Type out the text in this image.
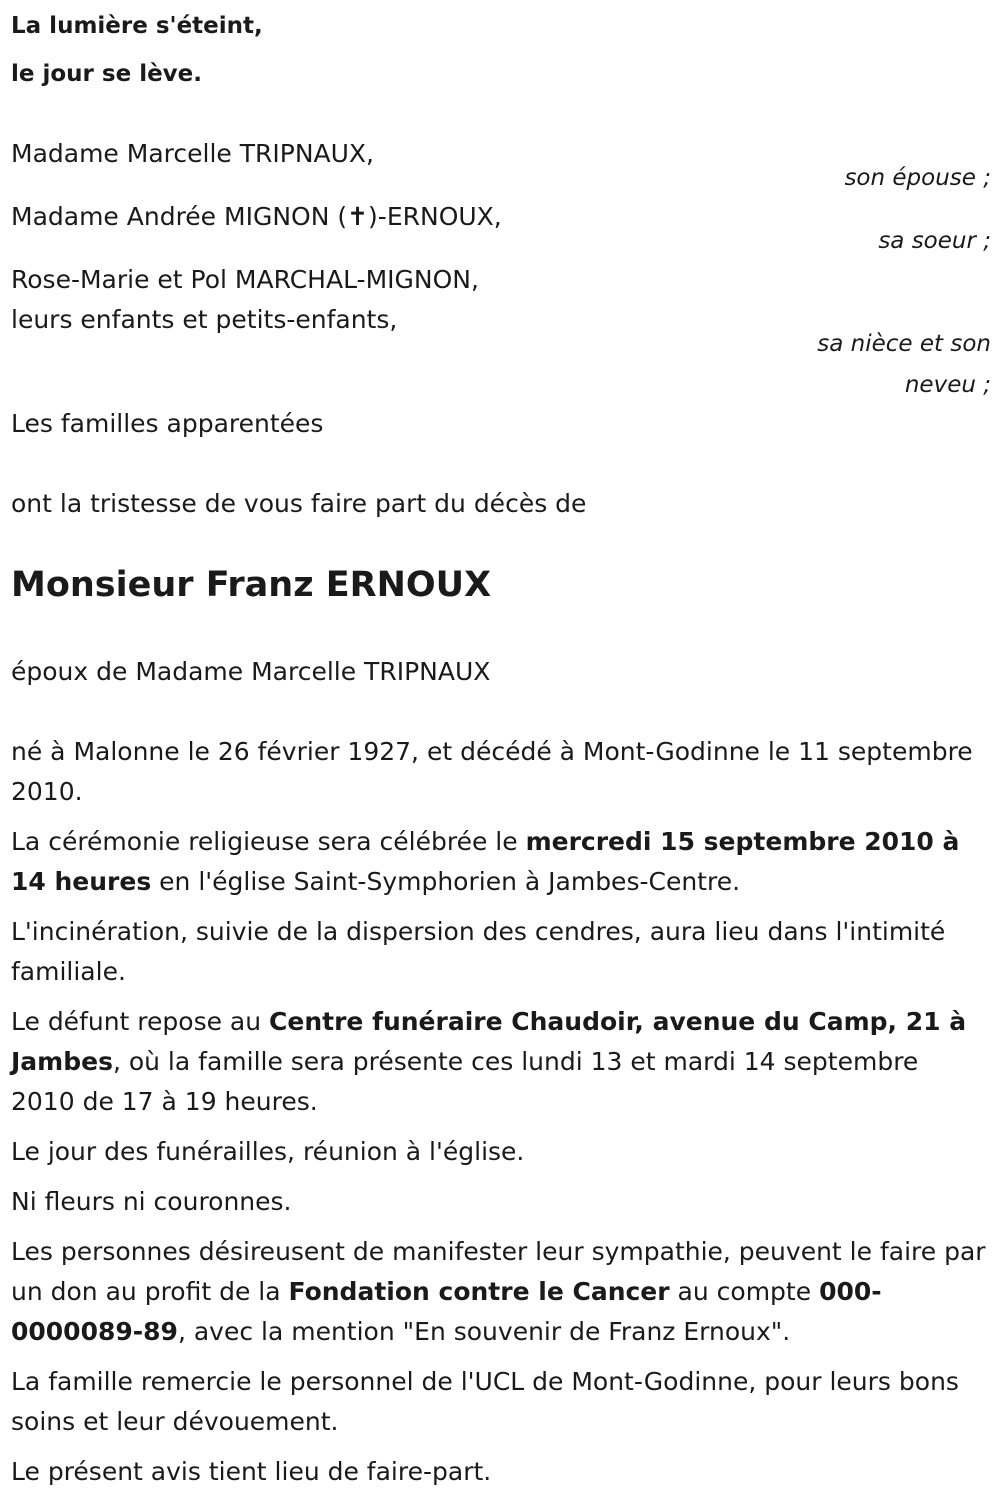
La lumière s'éteint,
le jour se lève.
Madame Marcelle TRIPNAUX,
son épouse ;
Madame Andrée MIGNON (✝)-ERNOUX,
sa soeur ;
Rose-Marie et Pol MARCHAL-MIGNON,
leurs enfants et petits-enfants,
sa nièce et son
neveu ;
Les familles apparentées
ont la tristesse de vous faire part du décès de
Monsieur Franz ERNOUX
époux de Madame Marcelle TRIPNAUX

né à Malonne le 26 février 1927, et décédé à Mont-Godinne le 11 septembre 2010.

La cérémonie religieuse sera célébrée le mercredi 15 septembre 2010 à 14 heures en l'église Saint-Symphorien à Jambes-Centre.

L'incinération, suivie de la dispersion des cendres, aura lieu dans l'intimité familiale.

Le défunt repose au Centre funéraire Chaudoir, avenue du Camp, 21 à Jambes, où la famille sera présente ces lundi 13 et mardi 14 septembre 2010 de 17 à 19 heures.

Le jour des funérailles, réunion à l'église.

Ni fleurs ni couronnes.

Les personnes désireusent de manifester leur sympathie, peuvent le faire par un don au profit de la Fondation contre le Cancer au compte 000-0000089-89, avec la mention "En souvenir de Franz Ernoux".

La famille remercie le personnel de l'UCL de Mont-Godinne, pour leurs bons soins et leur dévouement.

Le présent avis tient lieu de faire-part.
